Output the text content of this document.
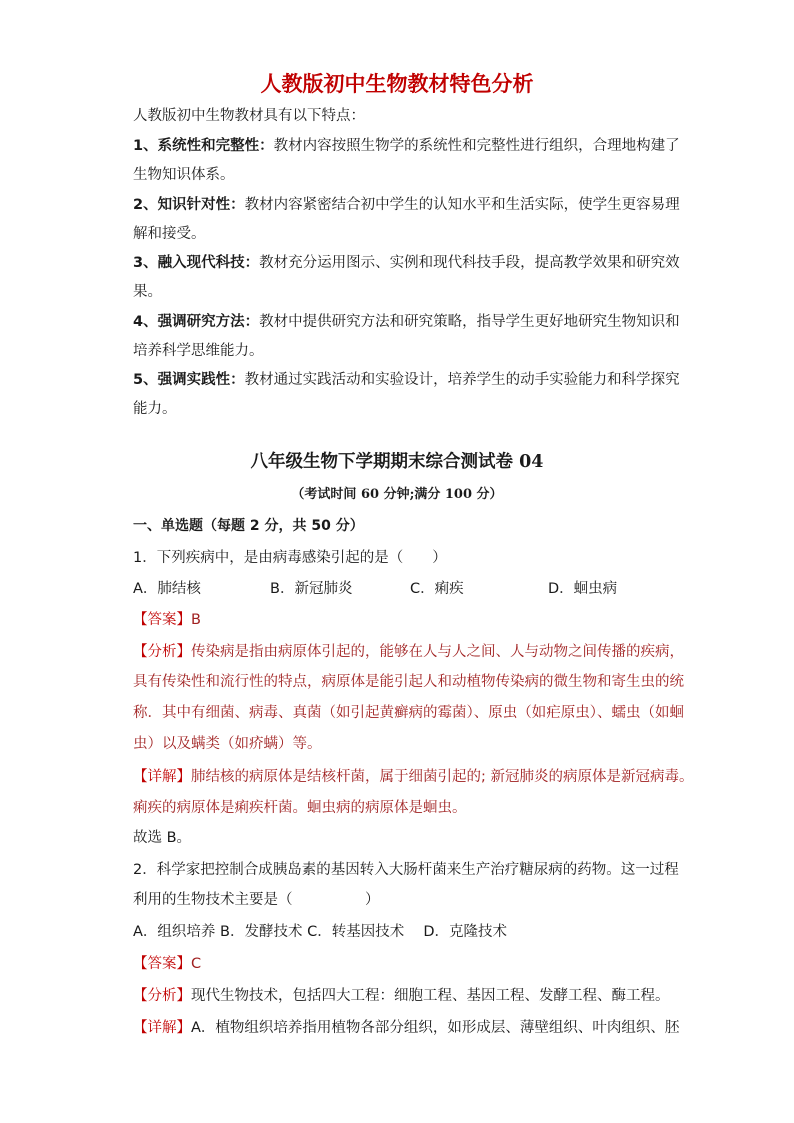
人教版初中生物教材特色分析
人教版初中生物教材具有以下特点：
1、系统性和完整性：教材内容按照生物学的系统性和完整性进行组织，合理地构建了
生物知识体系。
2、知识针对性：教材内容紧密结合初中学生的认知水平和生活实际，使学生更容易理
解和接受。
3、融入现代科技：教材充分运用图示、实例和现代科技手段，提高教学效果和研究效
果。
4、强调研究方法：教材中提供研究方法和研究策略，指导学生更好地研究生物知识和
培养科学思维能力。
5、强调实践性：教材通过实践活动和实验设计，培养学生的动手实验能力和科学探究
能力。
八年级生物下学期期末综合测试卷 04
（考试时间 60 分钟;满分 100 分）
一、单选题（每题 2 分，共 50 分）
1．下列疾病中，是由病毒感染引起的是（　　）
A．肺结核	B．新冠肺炎	C．痢疾	D．蛔虫病
【答案】B
【分析】传染病是指由病原体引起的，能够在人与人之间、人与动物之间传播的疾病，
具有传染性和流行性的特点，病原体是能引起人和动植物传染病的微生物和寄生虫的统
称．其中有细菌、病毒、真菌（如引起黄癣病的霉菌）、原虫（如疟原虫）、蠕虫（如蛔
虫）以及螨类（如疥螨）等。
【详解】肺结核的病原体是结核杆菌，属于细菌引起的; 新冠肺炎的病原体是新冠病毒。
痢疾的病原体是痢疾杆菌。蛔虫病的病原体是蛔虫。
故选 B。
2．科学家把控制合成胰岛素的基因转入大肠杆菌来生产治疗糖尿病的药物。这一过程
利用的生物技术主要是（　　　　　）
A．组织培养 B．发酵技术 C．转基因技术　 D．克隆技术
【答案】C
【分析】现代生物技术，包括四大工程：细胞工程、基因工程、发酵工程、酶工程。
【详解】A．植物组织培养指用植物各部分组织，如形成层、薄壁组织、叶肉组织、胚
